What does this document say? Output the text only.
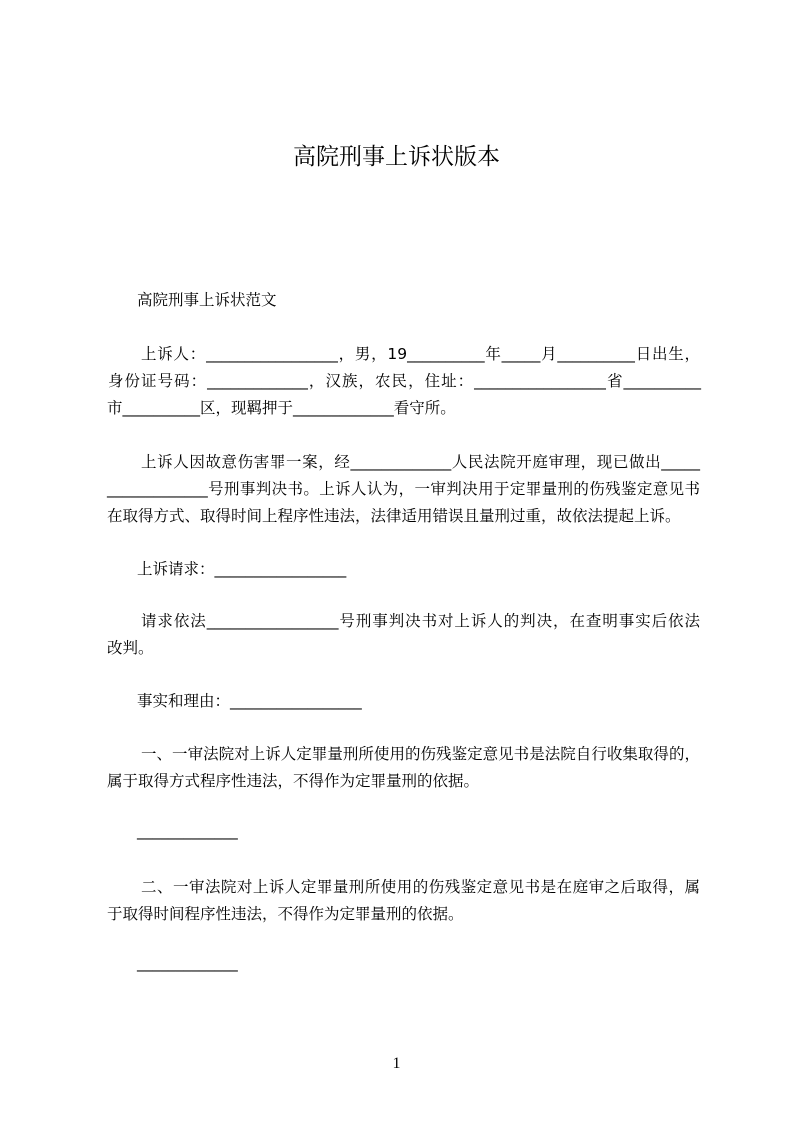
高院刑事上诉状版本
高院刑事上诉状范文
上诉人：_________________，男，19__________年_____月__________日出生，
身份证号码：_____________，汉族，农民，住址：_________________省__________
市__________区，现羁押于_____________看守所。
上诉人因故意伤害罪一案，经_____________人民法院开庭审理，现已做出_____
_____________号刑事判决书。上诉人认为，一审判决用于定罪量刑的伤残鉴定意见书
在取得方式、取得时间上程序性违法，法律适用错误且量刑过重，故依法提起上诉。
上诉请求：_________________
请求依法_________________号刑事判决书对上诉人的判决，在查明事实后依法
改判。
事实和理由：_________________
一、一审法院对上诉人定罪量刑所使用的伤残鉴定意见书是法院自行收集取得的，
属于取得方式程序性违法，不得作为定罪量刑的依据。
_____________
二、一审法院对上诉人定罪量刑所使用的伤残鉴定意见书是在庭审之后取得，属
于取得时间程序性违法，不得作为定罪量刑的依据。
_____________
1
